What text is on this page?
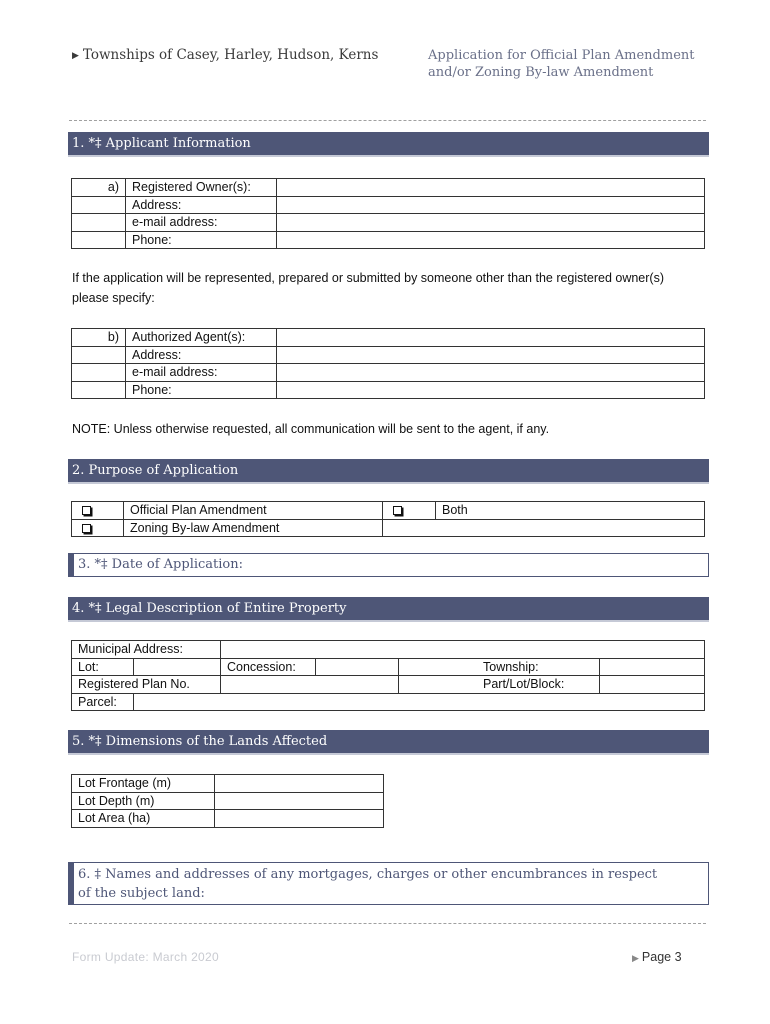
▶ Townships of Casey, Harley, Hudson, Kerns	Application for Official Plan Amendment
and/or Zoning By-law Amendment
1. *‡ Applicant Information
a)	Registered Owner(s):	
	Address:	
	e-mail address:	
	Phone:	
If the application will be represented, prepared or submitted by someone other than the registered owner(s) please specify:
b)	Authorized Agent(s):	
	Address:	
	e-mail address:	
	Phone:	
NOTE: Unless otherwise requested, all communication will be sent to the agent, if any.
2. Purpose of Application
	Official Plan Amendment		Both
	Zoning By-law Amendment		
3. *‡ Date of Application:
4. *‡ Legal Description of Entire Property
Municipal Address:					
Lot:		Concession:		Township:	
Registered Plan No.				Part/Lot/Block:	
Parcel:					
5. *‡ Dimensions of the Lands Affected
Lot Frontage (m)	
Lot Depth (m)	
Lot Area (ha)	
6. ‡ Names and addresses of any mortgages, charges or other encumbrances in respect
of the subject land:
Form Update: March 2020	▶ Page 3
